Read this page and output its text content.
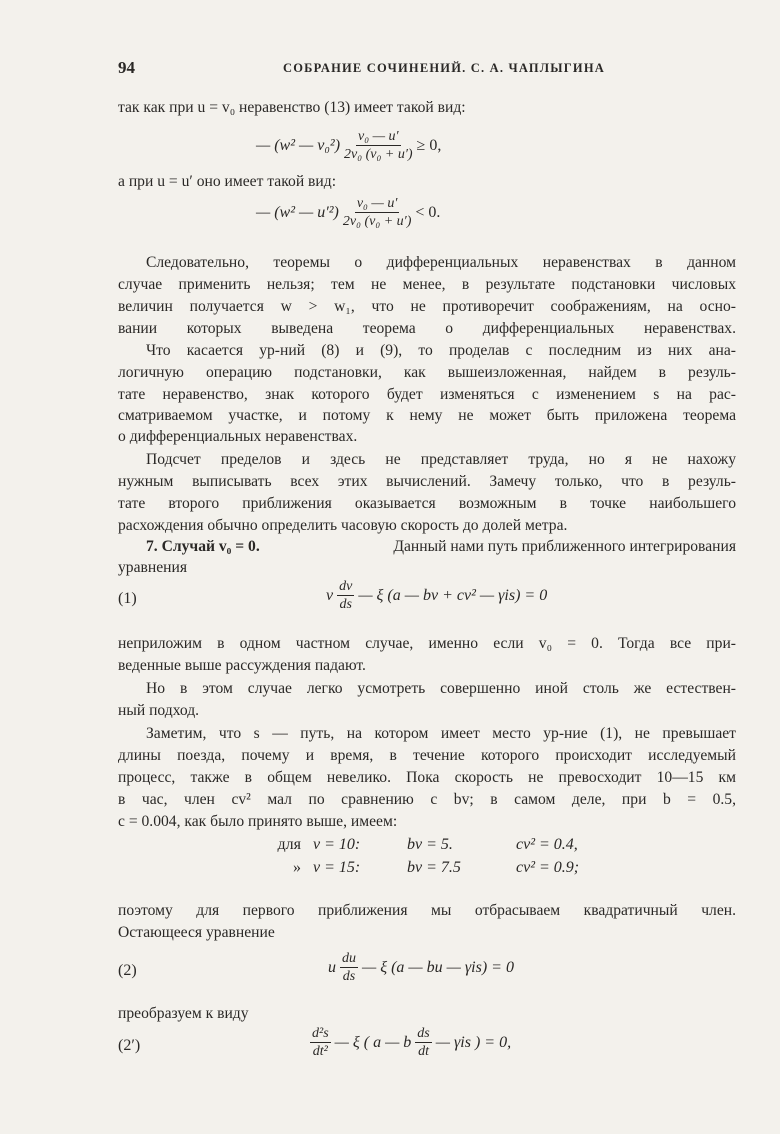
94	СОБРАНИЕ СОЧИНЕНИЙ. С. А. ЧАПЛЫГИНА
так как при u = v₀ неравенство (13) имеет такой вид:
— (w² — $v_0^2) \frac{\text{v₀ — u′}}{\text{2v₀ (v₀ + u′)}} \ge 0$,
а при u = u′ оно имеет такой вид:
— (w² — $u'^2) \frac{\text{v₀ — u′}}{\text{2v₀ (v₀ + u′)}} < 0$.
Следовательно, теоремы о дифференциальных неравенствах в данном
случае применить нельзя; тем не менее, в результате подстановки числовых
величин получается w > w₁, что не противоречит соображениям, на осно-
вании которых выведена теорема о дифференциальных неравенствах.
Что касается ур-ний (8) и (9), то проделав с последним из них ана-
логичную операцию подстановки, как вышеизложенная, найдем в резуль-
тате неравенство, знак которого будет изменяться с изменением s на рас-
сматриваемом участке, и потому к нему не может быть приложена теорема
о дифференциальных неравенствах.
Подсчет пределов и здесь не представляет труда, но я не нахожу
нужным выписывать всех этих вычислений. Замечу только, что в резуль-
тате второго приближения оказывается возможным в точке наибольшего
расхождения обычно определить часовую скорость до долей метра.
7. Случай v₀ = 0.	Данный нами путь приближенного интегрирования
уравнения
(1)	v $\frac{dv}{ds}$ — ξ (a — bv + cv² — γis) = 0
неприложим в одном частном случае, именно если v₀ = 0. Тогда все при-
веденные выше рассуждения падают.
Но в этом случае легко усмотреть совершенно иной столь же естествен-
ный подход.
Заметим, что s — путь, на котором имеет место ур-ние (1), не превышает
длины поезда, почему и время, в течение которого происходит исследуемый
процесс, также в общем невелико. Пока скорость не превосходит 10—15 км
в час, член cv² мал по сравнению с bv; в самом деле, при b = 0.5,
c = 0.004, как было принято выше, имеем:
для v = 10:	bv = 5.	cv² = 0.4,
» v = 15:	bv = 7.5	cv² = 0.9;
поэтому для первого приближения мы отбрасываем квадратичный член.
Остающееся уравнение
(2)	u $\frac{du}{ds}$ — ξ (a — bu — γis) = 0
преобразуем к виду
(2′)	$\frac{\text{d²s}}{\text{dt²}}$ — ξ ( a — b $\frac{ds}{dt}$ — γis ) = 0,
